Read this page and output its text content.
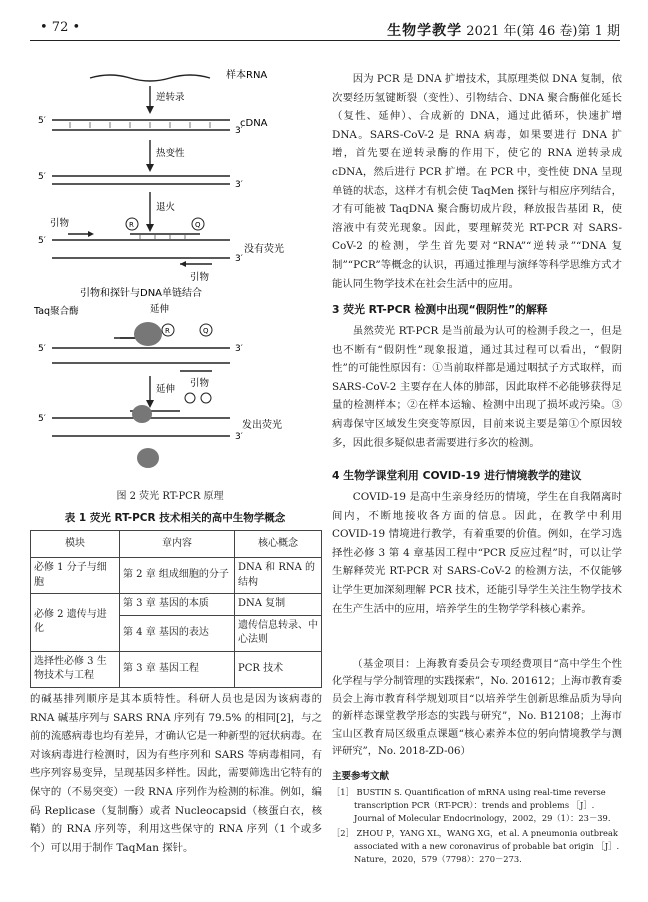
• 72 •	生物学教学 2021 年(第 46 卷)第 1 期
样本RNA
逆转录
5′
3′
cDNA
热变性
5′
3′
退火
引物	R	Q
5′
3′
没有荧光
引物
引物和探针与DNA单链结合
延伸
Taq聚合酶
R	Q
5′	3′
引物
延伸
5′
3′
发出荧光
图 2 荧光 RT-PCR 原理
表 1 荧光 RT-PCR 技术相关的高中生物学概念
模块	章内容	核心概念
必修 1 分子与细胞	第 2 章 组成细胞的分子	DNA 和 RNA 的结构
必修 2 遗传与进化	第 3 章 基因的本质	DNA 复制
	第 4 章 基因的表达	遗传信息转录、中心法则
选择性必修 3 生物技术与工程	第 3 章 基因工程	PCR 技术
的碱基排列顺序是其本质特性。科研人员也是因为该病毒的 RNA 碱基序列与 SARS RNA 序列有 79.5% 的相同[2]，与之前的流感病毒也均有差异，才确认它是一种新型的冠状病毒。在对该病毒进行检测时，因为有些序列和 SARS 等病毒相同，有些序列容易变异，呈现基因多样性。因此，需要筛选出它特有的保守的（不易突变）一段 RNA 序列作为检测的标准。例如，编码 Replicase（复制酶）或者 Nucleocapsid（核蛋白衣，核鞘）的 RNA 序列等，利用这些保守的 RNA 序列（1 个或多个）可以用于制作 TaqMan 探针。
因为 PCR 是 DNA 扩增技术，其原理类似 DNA 复制，依次要经历氢键断裂（变性）、引物结合、DNA 聚合酶催化延长（复性、延伸）、合成新的 DNA，通过此循环，快速扩增 DNA。SARS-CoV-2 是 RNA 病毒，如果要进行 DNA 扩增，首先要在逆转录酶的作用下，使它的 RNA 逆转录成 cDNA，然后进行 PCR 扩增。在 PCR 中，变性使 DNA 呈现单链的状态，这样才有机会使 TaqMen 探针与相应序列结合，才有可能被 TaqDNA 聚合酶切成片段，释放报告基团 R，使溶液中有荧光现象。因此，要理解荧光 RT-PCR 对 SARS-CoV-2 的检测，学生首先要对“RNA”“逆转录”“DNA 复制”“PCR”等概念的认识，再通过推理与演绎等科学思维方式才能认同生物学技术在社会生活中的应用。
3 荧光 RT-PCR 检测中出现“假阴性”的解释
虽然荧光 RT-PCR 是当前最为认可的检测手段之一，但是也不断有“假阴性”现象报道，通过其过程可以看出，“假阴性”的可能性原因有：①当前取样都是通过咽拭子方式取样，而 SARS-CoV-2 主要存在人体的肺部，因此取样不必能够获得足量的检测样本；②在样本运输、检测中出现了损坏或污染。③病毒保守区域发生突变等原因，目前来说主要是第①个原因较多，因此很多疑似患者需要进行多次的检测。
4 生物学课堂利用 COVID-19 进行情境教学的建议
COVID-19 是高中生亲身经历的情境，学生在自我隔离时间内，不断地接收各方面的信息。因此，在教学中利用 COVID-19 情境进行教学，有着重要的价值。例如，在学习选择性必修 3 第 4 章基因工程中“PCR 反应过程”时，可以让学生解释荧光 RT-PCR 对 SARS-CoV-2 的检测方法，不仅能够让学生更加深刻理解 PCR 技术，还能引导学生关注生物学技术在生产生活中的应用，培养学生的生物学学科核心素养。
（基金项目：上海教育委员会专项经费项目“高中学生个性化学程与学分制管理的实践探索”，No. 201612；上海市教育委员会上海市教育科学规划项目“以培养学生创新思维品质为导向的新样态课堂教学形态的实践与研究”，No. B12108；上海市宝山区教育局区级重点课题“核心素养本位的躬向情境教学与测评研究”，No. 2018-ZD-06）
主要参考文献
［1］ BUSTIN S. Quantification of mRNA using real-time reverse transcription PCR（RT-PCR）：trends and problems ［J］. Journal of Molecular Endocrinology，2002，29（1）：23－39.
［2］ ZHOU P，YANG XL，WANG XG，et al. A pneumonia outbreak associated with a new coronavirus of probable bat origin ［J］. Nature，2020，579（7798）：270－273.
